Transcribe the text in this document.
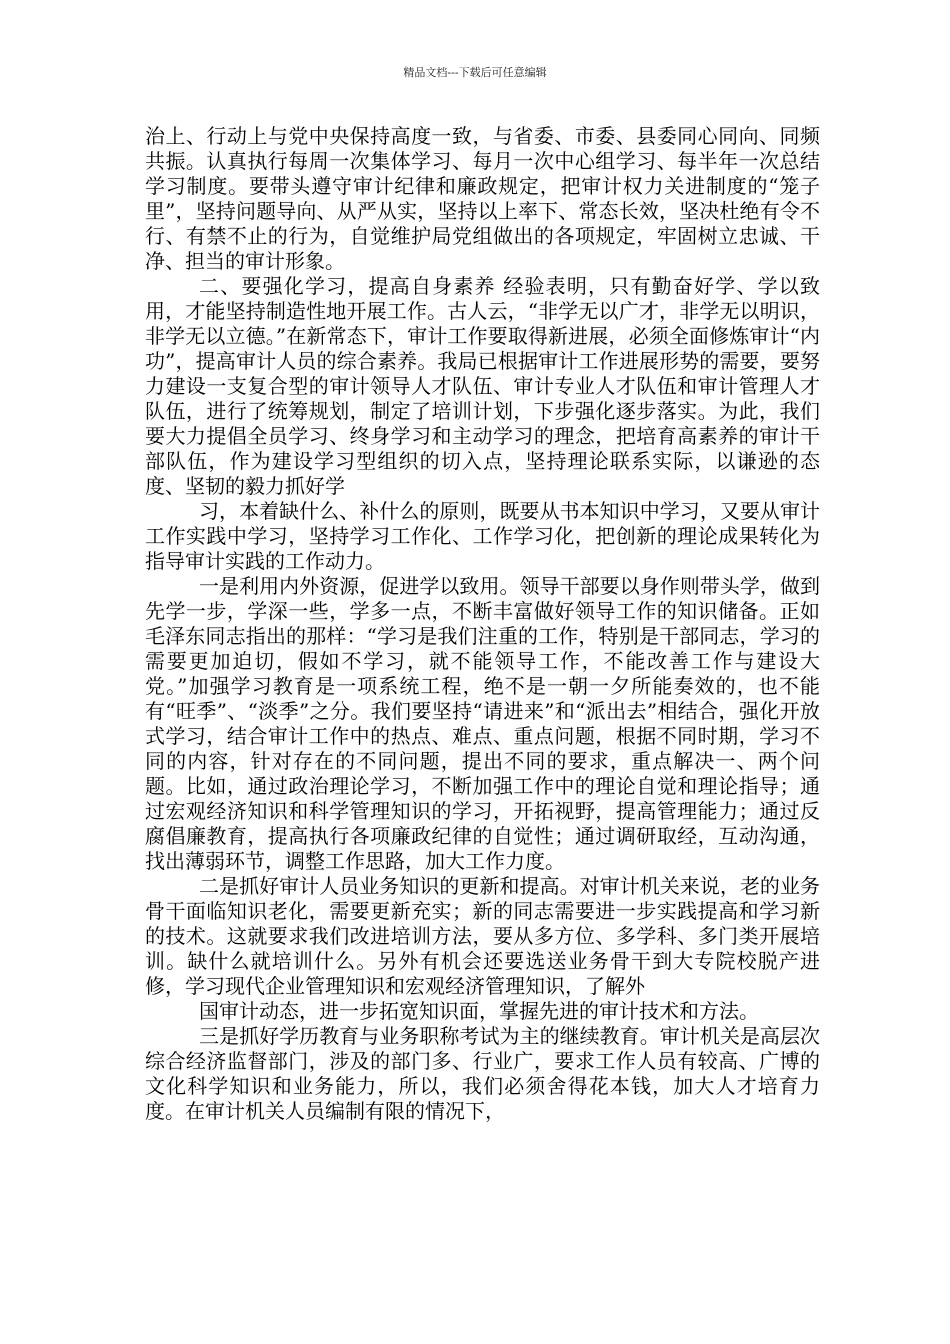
精品文档---下载后可任意编辑

治上、行动上与党中央保持高度一致，与省委、市委、县委同心同向、同频共振。认真执行每周一次集体学习、每月一次中心组学习、每半年一次总结学习制度。要带头遵守审计纪律和廉政规定，把审计权力关进制度的“笼子里”，坚持问题导向、从严从实，坚持以上率下、常态长效，坚决杜绝有令不行、有禁不止的行为，自觉维护局党组做出的各项规定，牢固树立忠诚、干净、担当的审计形象。

二、要强化学习，提高自身素养 经验表明，只有勤奋好学、学以致用，才能坚持制造性地开展工作。古人云，“非学无以广才，非学无以明识，非学无以立德。”在新常态下，审计工作要取得新进展，必须全面修炼审计“内功”，提高审计人员的综合素养。我局已根据审计工作进展形势的需要，要努力建设一支复合型的审计领导人才队伍、审计专业人才队伍和审计管理人才队伍，进行了统筹规划，制定了培训计划，下步强化逐步落实。为此，我们要大力提倡全员学习、终身学习和主动学习的理念，把培育高素养的审计干部队伍，作为建设学习型组织的切入点，坚持理论联系实际，以谦逊的态度、坚韧的毅力抓好学

习，本着缺什么、补什么的原则，既要从书本知识中学习，又要从审计工作实践中学习，坚持学习工作化、工作学习化，把创新的理论成果转化为指导审计实践的工作动力。

一是利用内外资源，促进学以致用。领导干部要以身作则带头学，做到先学一步，学深一些，学多一点，不断丰富做好领导工作的知识储备。正如毛泽东同志指出的那样：“学习是我们注重的工作，特别是干部同志，学习的需要更加迫切，假如不学习，就不能领导工作，不能改善工作与建设大党。”加强学习教育是一项系统工程，绝不是一朝一夕所能奏效的，也不能有“旺季”、“淡季”之分。我们要坚持“请进来”和“派出去”相结合，强化开放式学习，结合审计工作中的热点、难点、重点问题，根据不同时期，学习不同的内容，针对存在的不同问题，提出不同的要求，重点解决一、两个问题。比如，通过政治理论学习，不断加强工作中的理论自觉和理论指导；通过宏观经济知识和科学管理知识的学习，开拓视野，提高管理能力；通过反腐倡廉教育，提高执行各项廉政纪律的自觉性；通过调研取经，互动沟通，找出薄弱环节，调整工作思路，加大工作力度。

二是抓好审计人员业务知识的更新和提高。对审计机关来说，老的业务骨干面临知识老化，需要更新充实；新的同志需要进一步实践提高和学习新的技术。这就要求我们改进培训方法，要从多方位、多学科、多门类开展培训。缺什么就培训什么。另外有机会还要选送业务骨干到大专院校脱产进修，学习现代企业管理知识和宏观经济管理知识，了解外

国审计动态，进一步拓宽知识面，掌握先进的审计技术和方法。

三是抓好学历教育与业务职称考试为主的继续教育。审计机关是高层次综合经济监督部门，涉及的部门多、行业广，要求工作人员有较高、广博的文化科学知识和业务能力，所以，我们必须舍得花本钱，加大人才培育力度。在审计机关人员编制有限的情况下，
